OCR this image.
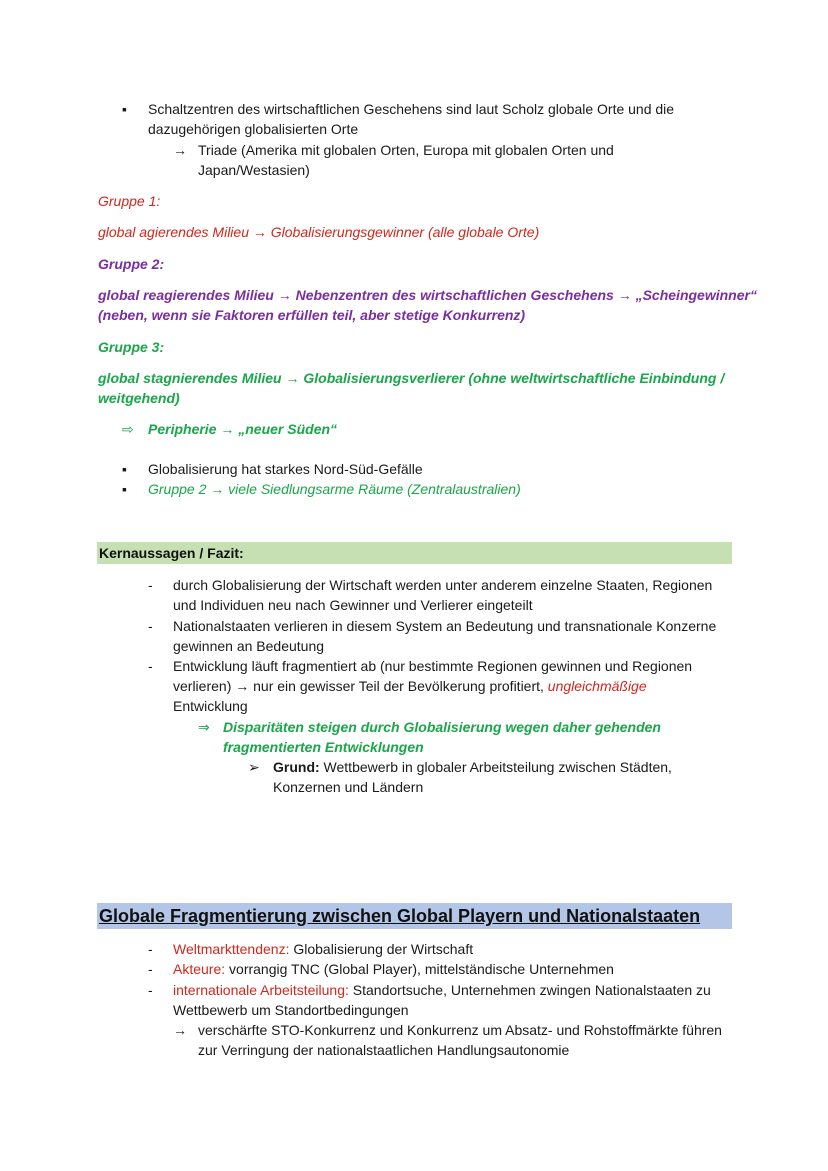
▪ Schaltzentren des wirtschaftlichen Geschehens sind laut Scholz globale Orte und die
dazugehörigen globalisierten Orte
→ Triade (Amerika mit globalen Orten, Europa mit globalen Orten und
Japan/Westasien)
Gruppe 1:
global agierendes Milieu → Globalisierungsgewinner (alle globale Orte)
Gruppe 2:
global reagierendes Milieu → Nebenzentren des wirtschaftlichen Geschehens → „Scheingewinner“
(neben, wenn sie Faktoren erfüllen teil, aber stetige Konkurrenz)
Gruppe 3:
global stagnierendes Milieu → Globalisierungsverlierer (ohne weltwirtschaftliche Einbindung /
weitgehend)
⇨ Peripherie → „neuer Süden“
▪ Globalisierung hat starkes Nord-Süd-Gefälle
▪ Gruppe 2 → viele Siedlungsarme Räume (Zentralaustralien)
Kernaussagen / Fazit:
- durch Globalisierung der Wirtschaft werden unter anderem einzelne Staaten, Regionen
und Individuen neu nach Gewinner und Verlierer eingeteilt
- Nationalstaaten verlieren in diesem System an Bedeutung und transnationale Konzerne
gewinnen an Bedeutung
- Entwicklung läuft fragmentiert ab (nur bestimmte Regionen gewinnen und Regionen
verlieren) → nur ein gewisser Teil der Bevölkerung profitiert, ungleichmäßige
Entwicklung
⇒ Disparitäten steigen durch Globalisierung wegen daher gehenden
fragmentierten Entwicklungen
➢ Grund: Wettbewerb in globaler Arbeitsteilung zwischen Städten,
Konzernen und Ländern
Globale Fragmentierung zwischen Global Playern und Nationalstaaten
- Weltmarkttendenz: Globalisierung der Wirtschaft
- Akteure: vorrangig TNC (Global Player), mittelständische Unternehmen
- internationale Arbeitsteilung: Standortsuche, Unternehmen zwingen Nationalstaaten zu
Wettbewerb um Standortbedingungen
→ verschärfte STO-Konkurrenz und Konkurrenz um Absatz- und Rohstoffmärkte führen
zur Verringung der nationalstaatlichen Handlungsautonomie
